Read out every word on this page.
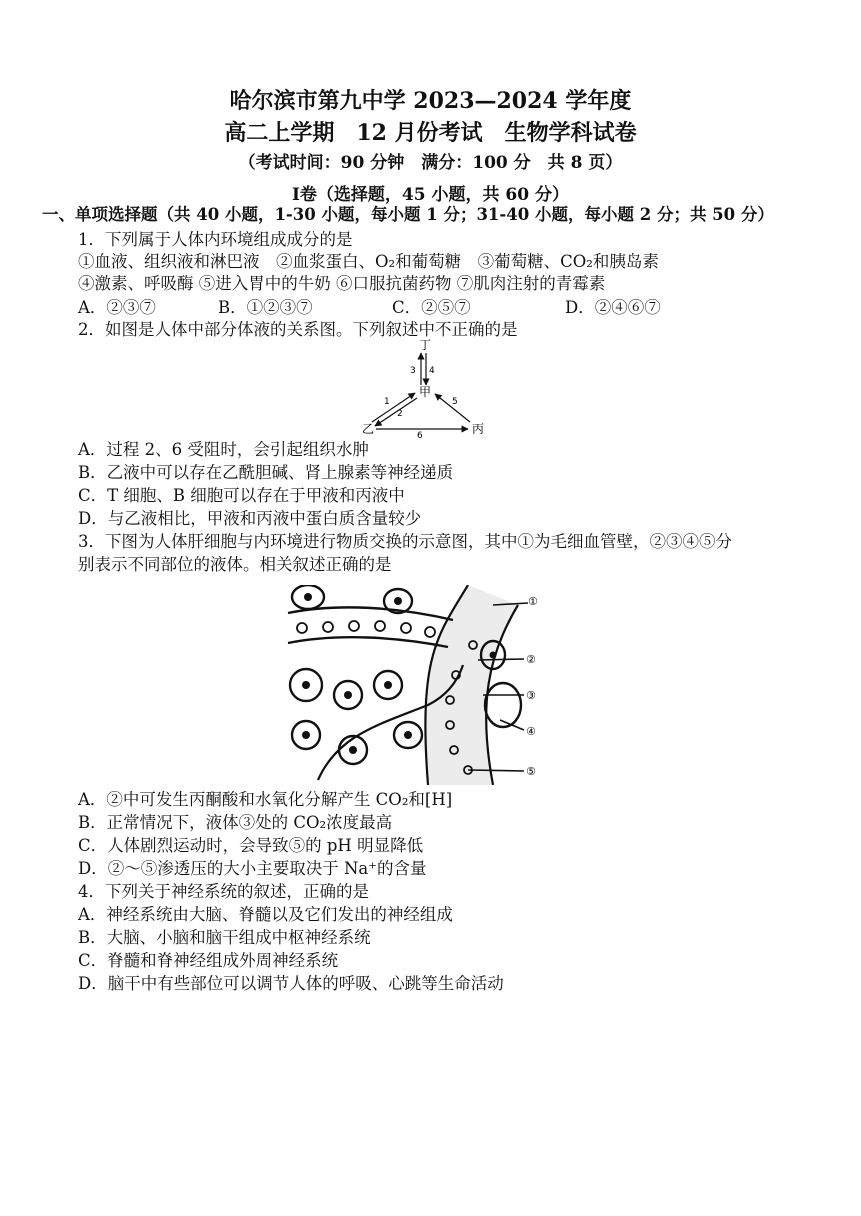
哈尔滨市第九中学 2023—2024 学年度
高二上学期　12 月份考试　生物学科试卷
（考试时间：90 分钟　满分：100 分　共 8 页）
I卷（选择题，45 小题，共 60 分）
一、单项选择题（共 40 小题，1-30 小题，每小题 1 分；31-40 小题，每小题 2 分；共 50 分）
1．下列属于人体内环境组成成分的是
①血液、组织液和淋巴液　②血浆蛋白、O₂和葡萄糖　③葡萄糖、CO₂和胰岛素
④激素、呼吸酶 ⑤进入胃中的牛奶 ⑥口服抗菌药物 ⑦肌肉注射的青霉素
A．②③⑦	B．①②③⑦	C．②⑤⑦	D．②④⑥⑦
2．如图是人体中部分体液的关系图。下列叙述中不正确的是
丁
甲
乙	丙
3 4
1
2
5
6
A．过程 2、6 受阻时，会引起组织水肿
B．乙液中可以存在乙酰胆碱、肾上腺素等神经递质
C．T 细胞、B 细胞可以存在于甲液和丙液中
D．与乙液相比，甲液和丙液中蛋白质含量较少
3．下图为人体肝细胞与内环境进行物质交换的示意图，其中①为毛细血管壁，②③④⑤分
别表示不同部位的液体。相关叙述正确的是
①
②
③
④
⑤
A．②中可发生丙酮酸和水氧化分解产生 CO₂和[H]
B．正常情况下，液体③处的 CO₂浓度最高
C．人体剧烈运动时，会导致⑤的 pH 明显降低
D．②～⑤渗透压的大小主要取决于 Na⁺的含量
4．下列关于神经系统的叙述，正确的是
A．神经系统由大脑、脊髓以及它们发出的神经组成
B．大脑、小脑和脑干组成中枢神经系统
C．脊髓和脊神经组成外周神经系统
D．脑干中有些部位可以调节人体的呼吸、心跳等生命活动
